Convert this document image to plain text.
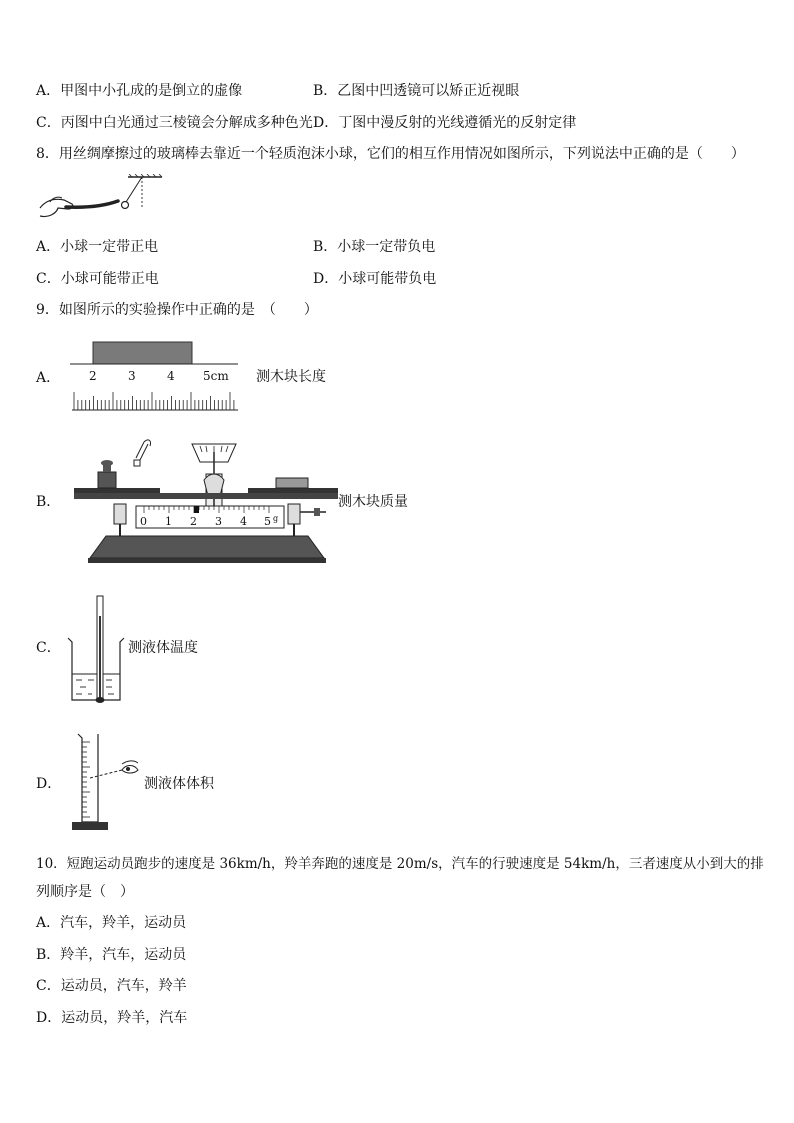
A．甲图中小孔成的是倒立的虚像	B．乙图中凹透镜可以矫正近视眼
C．丙图中白光通过三棱镜会分解成多种色光 D．丁图中漫反射的光线遵循光的反射定律
8．用丝绸摩擦过的玻璃棒去靠近一个轻质泡沫小球，它们的相互作用情况如图所示，下列说法中正确的是（　　）
A．小球一定带正电	B．小球一定带负电
C．小球可能带正电	D．小球可能带负电
9．如图所示的实验操作中正确的是　（　　）
A． 2	3	4 5cm 测木块长度
B．
0 1 2 3 4 5 g
测木块质量
C．	测液体温度
D．	测液体体积
10．短跑运动员跑步的速度是 36km/h，羚羊奔跑的速度是 20m/s，汽车的行驶速度是 54km/h，三者速度从小到大的排
列顺序是（　）
A．汽车，羚羊，运动员
B．羚羊，汽车，运动员
C．运动员，汽车，羚羊
D．运动员，羚羊，汽车
